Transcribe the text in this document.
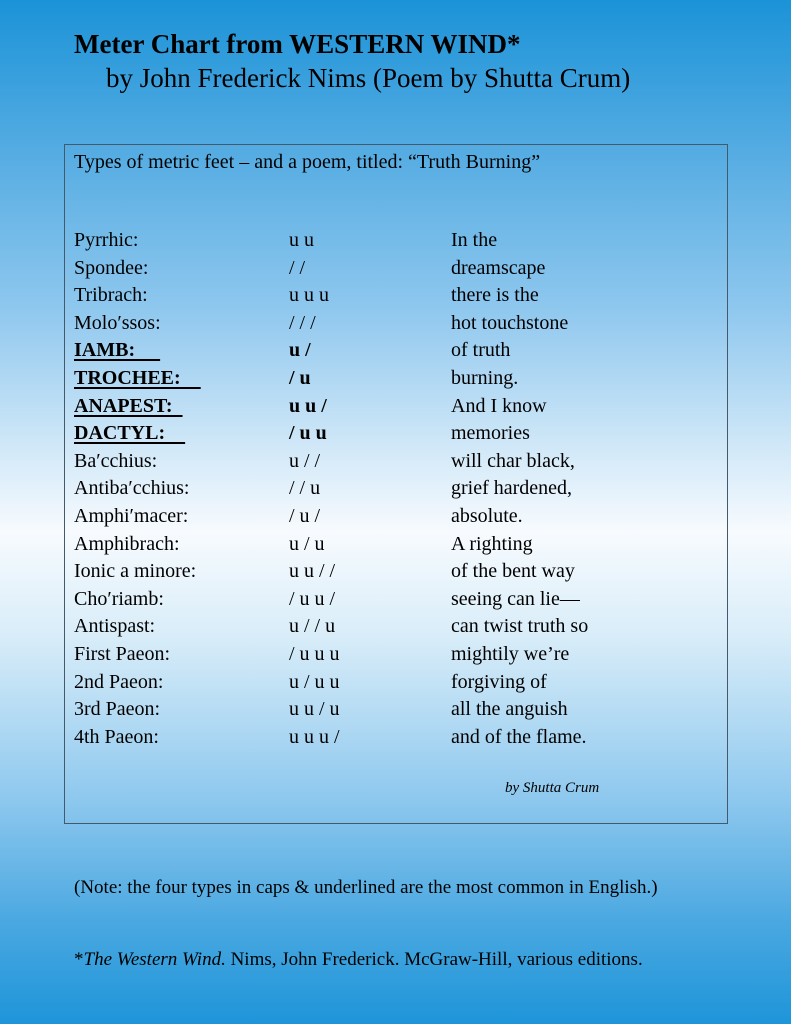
Meter Chart from WESTERN WIND*
by John Frederick Nims (Poem by Shutta Crum)
Types of metric feet – and a poem, titled: “Truth Burning”
Pyrrhic:	u u	In the
Spondee:	/ /	dreamscape
Tribrach:	u u u	there is the
Molo′ssos:	/ / /	hot touchstone
IAMB:	u /	of truth
TROCHEE:	/ u	burning.
ANAPEST:	u u /	And I know
DACTYL:	/ u u	memories
Ba′cchius:	u / /	will char black,
Antiba′cchius:	/ / u	grief hardened,
Amphi′macer:	/ u /	absolute.
Amphibrach:	u / u	A righting
Ionic a minore:	u u / /	of the bent way
Cho′riamb:	/ u u /	seeing can lie—
Antispast:	u / / u	can twist truth so
First Paeon:	/ u u u	mightily we’re
2nd Paeon:	u / u u	forgiving of
3rd Paeon:	u u / u	all the anguish
4th Paeon:	u u u /	and of the flame.
by Shutta Crum
(Note: the four types in caps & underlined are the most common in English.)
*The Western Wind. Nims, John Frederick. McGraw-Hill, various editions.
